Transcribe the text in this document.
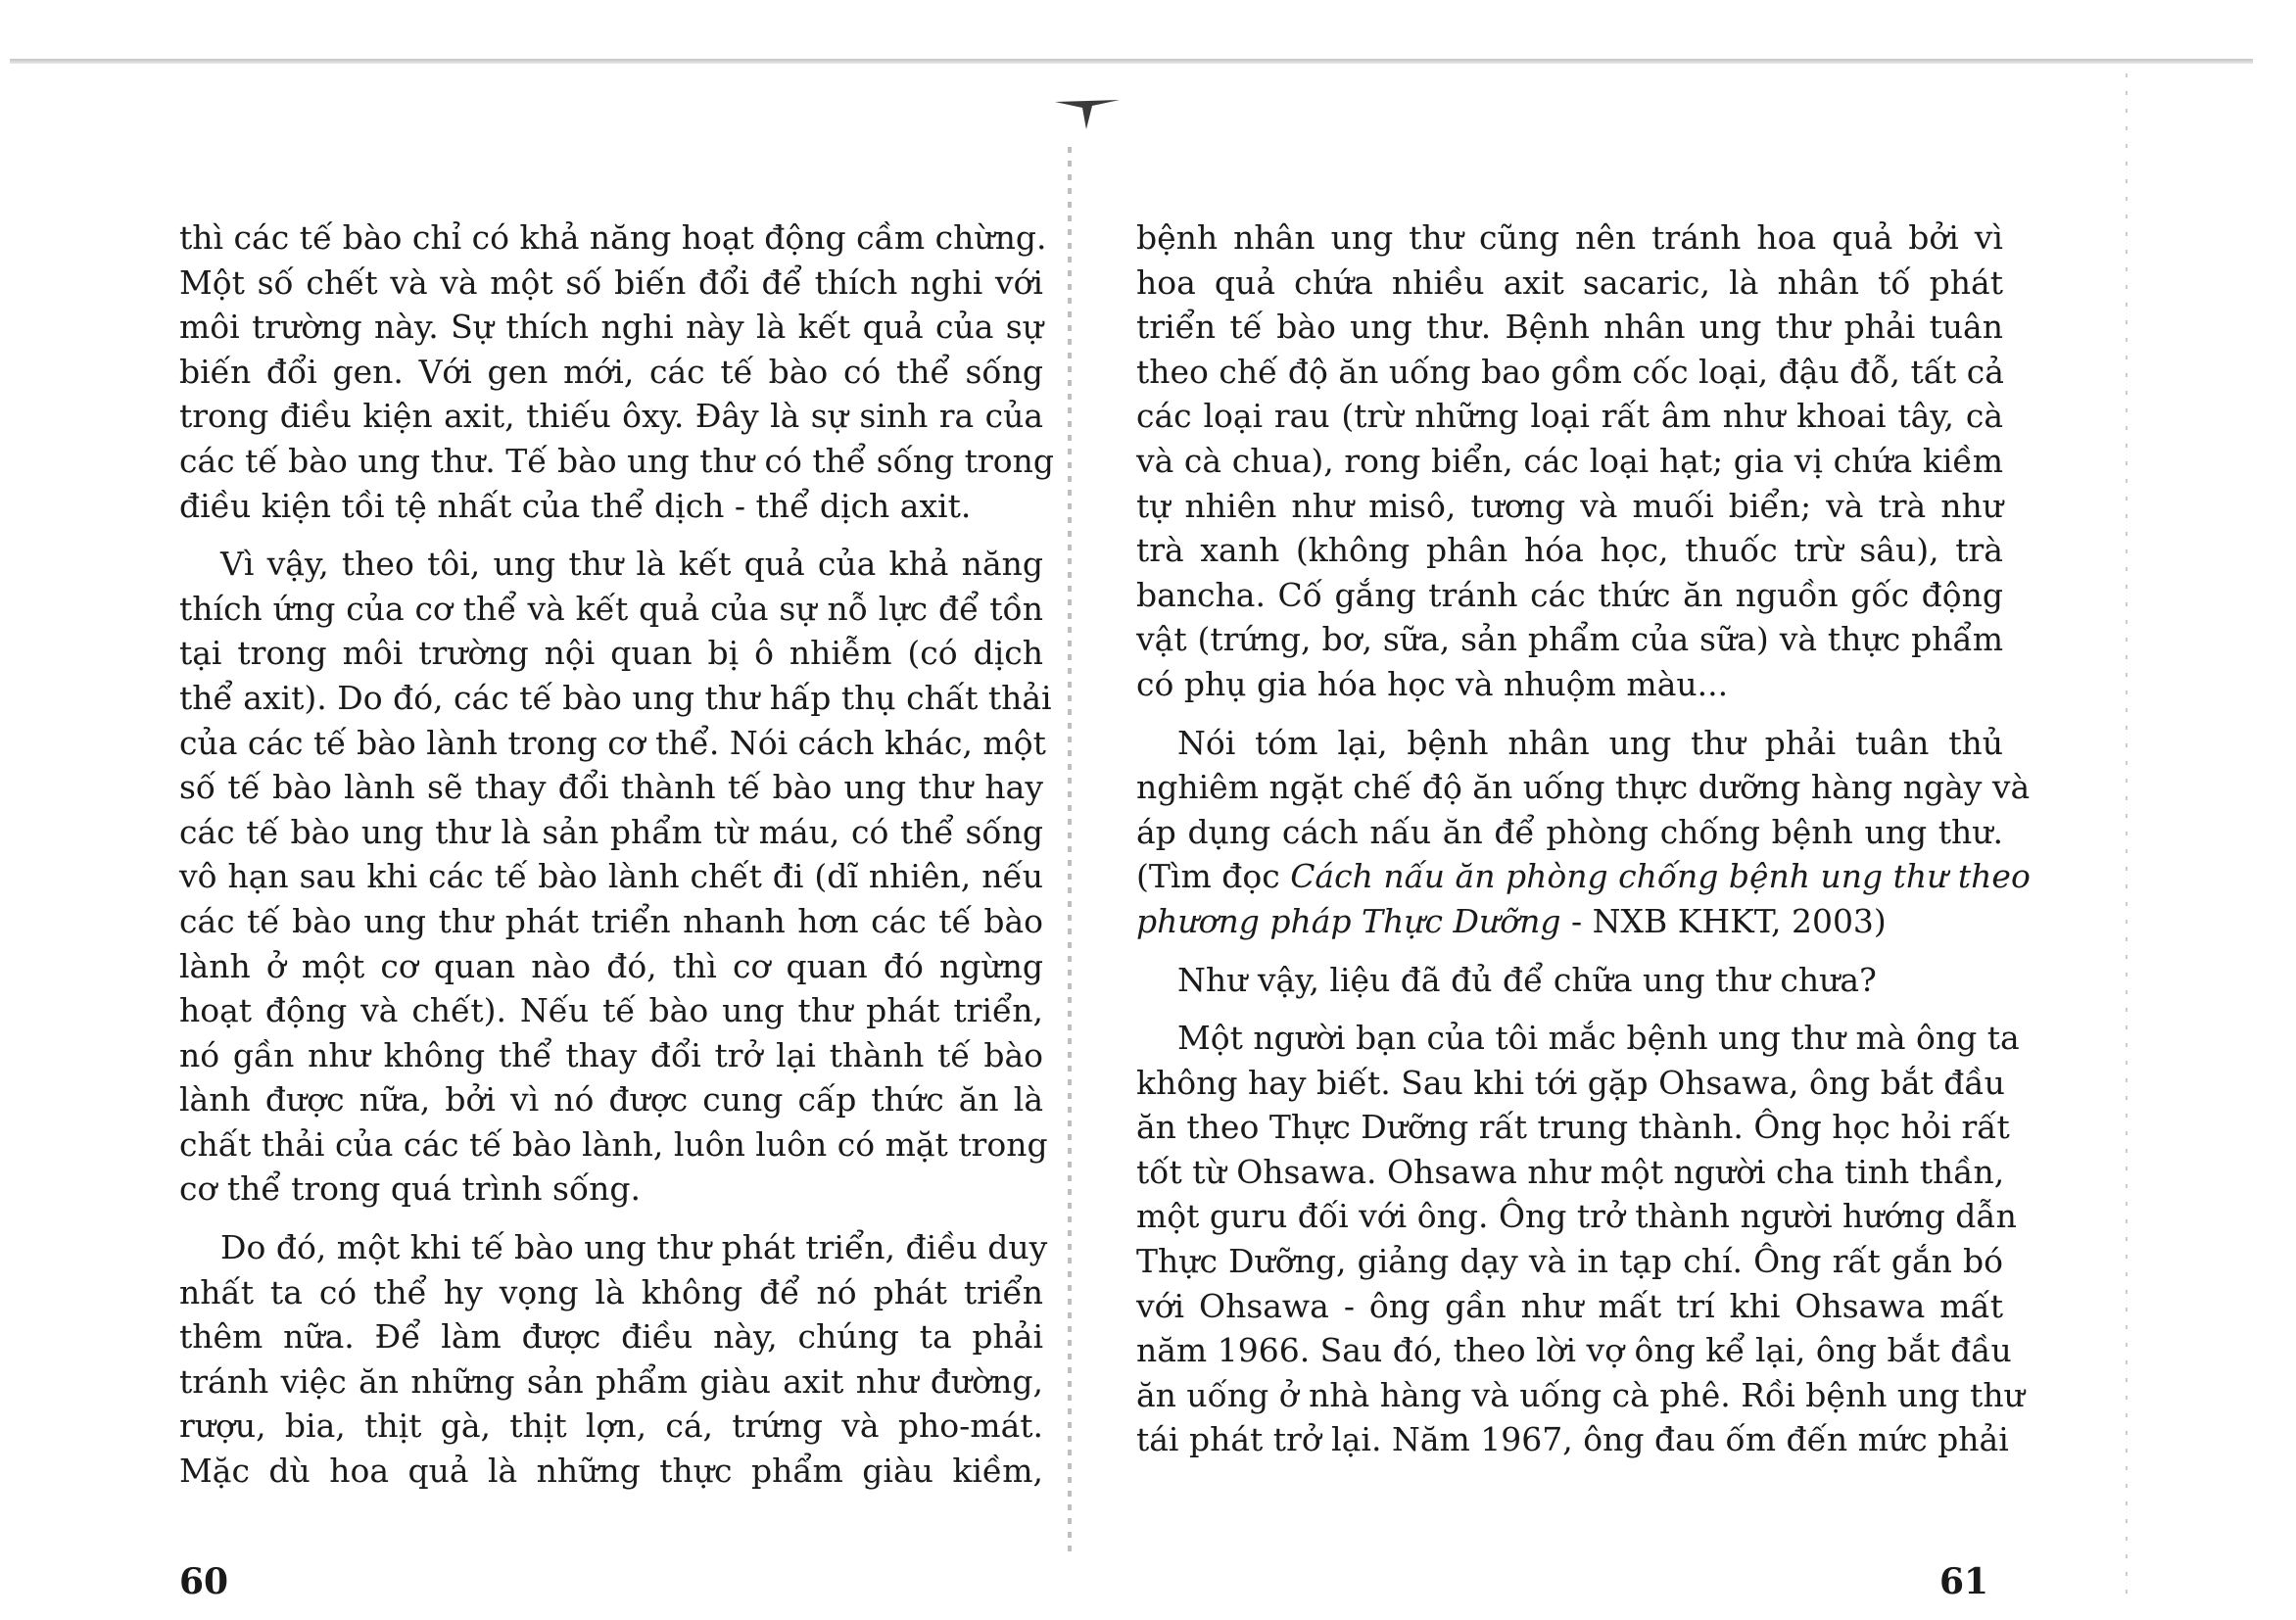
thì các tế bào chỉ có khả năng hoạt động cầm chừng.
Một số chết và và một số biến đổi để thích nghi với
môi trường này. Sự thích nghi này là kết quả của sự
biến đổi gen. Với gen mới, các tế bào có thể sống
trong điều kiện axit, thiếu ôxy. Đây là sự sinh ra của
các tế bào ung thư. Tế bào ung thư có thể sống trong
điều kiện tồi tệ nhất của thể dịch - thể dịch axit.
Vì vậy, theo tôi, ung thư là kết quả của khả năng
thích ứng của cơ thể và kết quả của sự nỗ lực để tồn
tại trong môi trường nội quan bị ô nhiễm (có dịch
thể axit). Do đó, các tế bào ung thư hấp thụ chất thải
của các tế bào lành trong cơ thể. Nói cách khác, một
số tế bào lành sẽ thay đổi thành tế bào ung thư hay
các tế bào ung thư là sản phẩm từ máu, có thể sống
vô hạn sau khi các tế bào lành chết đi (dĩ nhiên, nếu
các tế bào ung thư phát triển nhanh hơn các tế bào
lành ở một cơ quan nào đó, thì cơ quan đó ngừng
hoạt động và chết). Nếu tế bào ung thư phát triển,
nó gần như không thể thay đổi trở lại thành tế bào
lành được nữa, bởi vì nó được cung cấp thức ăn là
chất thải của các tế bào lành, luôn luôn có mặt trong
cơ thể trong quá trình sống.
Do đó, một khi tế bào ung thư phát triển, điều duy
nhất ta có thể hy vọng là không để nó phát triển
thêm nữa. Để làm được điều này, chúng ta phải
tránh việc ăn những sản phẩm giàu axit như đường,
rượu, bia, thịt gà, thịt lợn, cá, trứng và pho-mát.
Mặc dù hoa quả là những thực phẩm giàu kiềm,
60
bệnh nhân ung thư cũng nên tránh hoa quả bởi vì
hoa quả chứa nhiều axit sacaric, là nhân tố phát
triển tế bào ung thư. Bệnh nhân ung thư phải tuân
theo chế độ ăn uống bao gồm cốc loại, đậu đỗ, tất cả
các loại rau (trừ những loại rất âm như khoai tây, cà
và cà chua), rong biển, các loại hạt; gia vị chứa kiềm
tự nhiên như misô, tương và muối biển; và trà như
trà xanh (không phân hóa học, thuốc trừ sâu), trà
bancha. Cố gắng tránh các thức ăn nguồn gốc động
vật (trứng, bơ, sữa, sản phẩm của sữa) và thực phẩm
có phụ gia hóa học và nhuộm màu...
Nói tóm lại, bệnh nhân ung thư phải tuân thủ
nghiêm ngặt chế độ ăn uống thực dưỡng hàng ngày và
áp dụng cách nấu ăn để phòng chống bệnh ung thư.
(Tìm đọc Cách nấu ăn phòng chống bệnh ung thư theo
phương pháp Thực Dưỡng - NXB KHKT, 2003)
Như vậy, liệu đã đủ để chữa ung thư chưa?
Một người bạn của tôi mắc bệnh ung thư mà ông ta
không hay biết. Sau khi tới gặp Ohsawa, ông bắt đầu
ăn theo Thực Dưỡng rất trung thành. Ông học hỏi rất
tốt từ Ohsawa. Ohsawa như một người cha tinh thần,
một guru đối với ông. Ông trở thành người hướng dẫn
Thực Dưỡng, giảng dạy và in tạp chí. Ông rất gắn bó
với Ohsawa - ông gần như mất trí khi Ohsawa mất
năm 1966. Sau đó, theo lời vợ ông kể lại, ông bắt đầu
ăn uống ở nhà hàng và uống cà phê. Rồi bệnh ung thư
tái phát trở lại. Năm 1967, ông đau ốm đến mức phải
61
